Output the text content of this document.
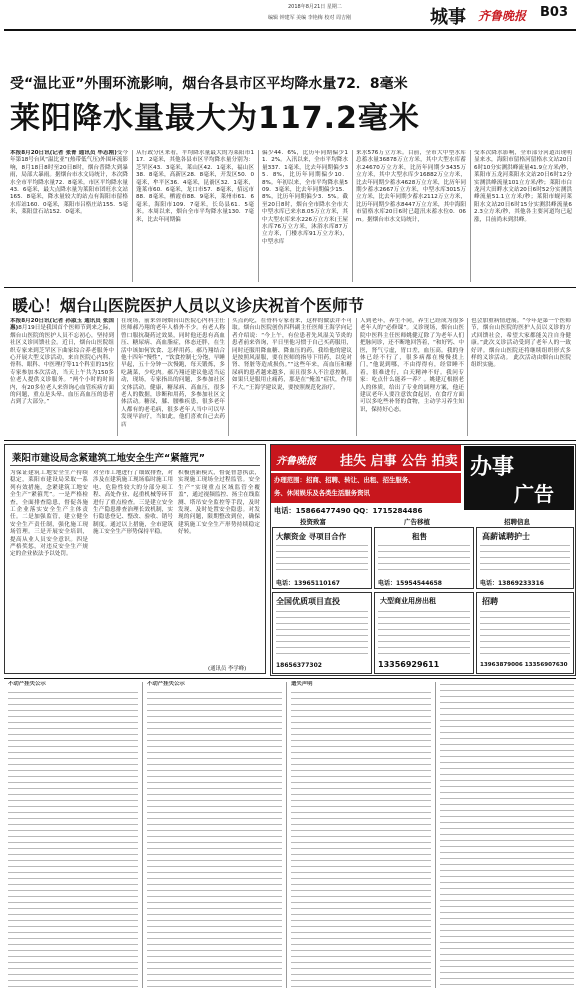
2018年8月21日 星期二
编辑 钟建军 美编 李艳梅 校对 周吉刚	城事 齐鲁晚报 B03
受“温比亚”外围环流影响，烟台各县市区平均降水量72．8毫米
莱阳降水量最大为117.2毫米
本报8月20日讯(记者 张菁 通讯员 毕志刚)受今年第18号台风“温比亚”(热带低气压)外围环流影响，8月18日8时至20日8时，烟台普降大到暴雨，局部大暴雨。据烟台市水文局统计，本次降水全市平均降水量72．8毫米。市区平均降水量43．6毫米，最大点降水量为莱阳市团旺水文站165．8毫米，降水量较大的站点有海阳市留格水库站160．0毫米，莱阳市吕格庄站155．5毫米，莱阳盘石站152．0毫米。
从行政分区来看，平均降水量最大的为莱阳市117．2毫米，其他各县市区平均降水量分别为：芝罘区43．3毫米，莱山区42．1毫米，福山区38．8毫米，高新区28．8毫米，开发区50．0毫米，牟平区36．4毫米，昆嵛区32．1毫米，蓬莱市60．6毫米，龙口市57．8毫米，招远市88．8毫米，栖霞市88．9毫米，莱州市61．6毫米，海阳市109．7毫米，长岛县61．5毫米。本周以来，烟台全市平均降水量130．7毫米，比去年同期偏
偏少44．6%，比历年同期偏少11．2%。入汛以来，全市平均降水量337．1毫米，比去年同期偏少35．8%，比历年同期偏少10．8%。年初以来，全市平均降水量509．3毫米，比去年同期偏少15．8%，比历年同期偏少3．5%。截至20日8时，烟台全市降水全市大中型水库已来水8.05万立方米，其中大型水库来水226万立方米(王屋水库76万立方米，沐浴水库87万立方米，门楼水库91万立方米)，中型水库
来水576万立方米。目前，全市大中型水库总蓄水量36878万立方米，其中大型水库蓄水24670万立方米，比历年同期少3435万立方米，其中大型水库少16882万立方米，比去年同期少蓄水4628万立方米，比历年同期少蓄水2667万立方米，中型水库3015万立方米，比去年同期少蓄水2112万立方米，比历年同期少蓄水8447万立方米，其中海阳市留格水库20日6时已超汛末蓄水位0．06m。据烟台市水文局统计，
受本次降水影响，全市部分河道出现明显来水，海阳市留格河留格水文站20日6时10分实测洪峰流量41.9立方米/秒，莱阳市五龙河莱阳水文站20日6时12分实测洪峰流量101立方米/秒；莱阳市白龙河大田畔水文站20日6时52分实测洪峰流量51.1立方米/秒；莱阳市蚬河莱阳水文站20日6时15分实测洪峰流量62.3立方米/秒，其他各主要河道均已起涨，目前尚未到洪峰。
暖心！烟台山医院医护人员以义诊庆祝首个医师节
本报8月20日讯(记者 孙淑玉 通讯员 张国惠)8月19日是我国首个医师节到来之际，烟台山医院的医护人员不忘初心，坚持到社区义诊回馈社会。近日，烟台山医院组织专家来到芝罘区下曲家综合养老服务中心开展大型义诊活动，来自医院心内科、骨科、眼科、中医理疗等11个科室的15位专家参加本次活动，当天上午共为150多位老人提供义诊服务。“两个小时的时间内，有20多位老人来咨询心血管疾病方面的问题，重点是头晕、血压高血压的患者占到了大部分。”
在现场，前来咨询烟台山医院心内科主任医师郝乃翔的老年人格外不少。有老人称曾口服抗凝药过效果，同时他还患有高血压、糖尿病、高血脂症，体态还胖，在生活中该如何饮食、怎样用药。郝乃翔结合他十四年“慢性”，“饮食控制七分饱，早睡早起，五十分钟一次慢跑，每天锻炼，多吃蔬菜，少吃肉。郝乃翔还建议他适当运动，现场，专家指出的问题，多参加社区文体活动。健康，糖尿病、高血压，很多老人的数据，诊断和用药，多参加社区文体活动。糖尿，膝、腰椎疾患，很多老年人都有的老毛病，很多老年人当中可以早发现早治疗，当如此，他们喜欢自己去药店
买点药吃，在骨科专家看来，这样的做法并不可取。烟台山医院创伤四科副主任医师王海学向记者介绍说：“今上午，有位患者先风湿关节炎的患者前来咨询，平日里他习惯于自己买药服用，同时还服用降血糖、降血压的药。我给他的建议是按照风湿服，要在医师的指导下用药，以免对肾、肾脏等造成损伤。”“这些年来，高血压和糖尿病的患者越来越多，而且很多人不注意控制。如果只是服用止痛药，那是在“掩盖”症状，作用不大。”王海学建议说，要按照规范化治疗。
人到老年，养生不同，养生已经成为很多老年人的“必修课”。义诊现场，烟台山医院中医科主任医师姚健辽除了为老年人们把脉问诊，还不断地回答着，“和好钙、中医，肾气亏虚，胃口差，血压高。我的身体已经不行了，很多病都在慢慢找上门，”他说到哪，不由得得有，经常睡不着，很难进行，白天精神不好。我问专家：吃点什么能养一养？。姚建辽根据老人的体质，给出了专业的调理方案，他还建议老年人要注意饮食起居，在食疗方面可以多吃些补肾的食物，主动学习养生知识，保持好心态。
也会加重病情进展。“今年是第一个医师节，烟台山医院的医护人员以义诊的方式回馈社会，希望大家都能关注自身健康。”此次义诊活动受到了老年人的一致好评。烟台山医院还将继续组织形式多样的义诊活动。 此次活动由烟台山医院组织实施。
莱阳市建设局念紧建筑工地安全生产“紧箍咒”
为保证建筑工地安全生产持续稳定，莱阳市建设局采取一系列有效措施，念紧建筑工地安全生产“紧箍咒”。一是严格检查，全面排查隐患，督促各施工企业落实安全生产主体责任。二是加强监管，建立健全安全生产责任制，强化施工现场管理。三是开展安全培训，提高从业人员安全意识。四是严格奖惩，对违反安全生产规定的企业依法予以处罚。
对全市工地进行了细致排查，对涉及在建筑施工现场临时施工用电、危险性较大的分部分项工程、高处作业、起重机械等环节进行了重点检查。三是建立安全生产隐患排查治理长效机制，实行隐患登记、整改、验收、销号制度。通过以上措施，全市建筑施工安全生产形势保持平稳。
积极创新模式，督促智慧执法，实现施工现场全过程监管。安全生产“实现重点区域监管全覆盖”，通过视频监控、扬尘在线监测、塔吊安全监控等手段，及时发现、及时处置安全隐患。对发现的问题，限期整改到位，确保建筑施工安全生产形势持续稳定好转。
(通讯员 李学峰)
齐鲁晚报 挂失 启事 公告 拍卖 办事
广告
办理范围：招商、招聘、转让、出租、招生服务、
务、休闲娱乐及各类生活服务资讯
电话：15866477490 QQ：1715284486
投资致富	广告移植	招聘信息
大额资金 寻项目合作
电话：13965110167
租售
电话：15954544658
高薪诚聘护士
电话：13869233316
全国优质项目直投
18656377302
大型商业用房出租
13356929611
招聘
13963879006 13356907630
不动产挂失公示	不动产挂失公示	遗失声明
